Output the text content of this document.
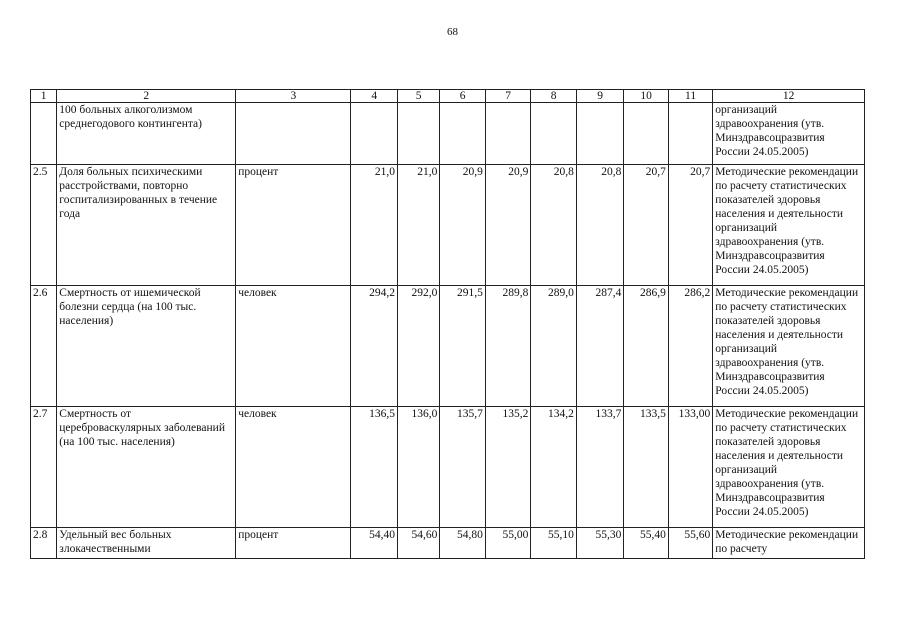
68
1	2	3	4	5	6	7	8	9	10	11	12
	100 больных алкоголизмом среднегодового контингента)										организаций здравоохранения (утв. Минздравсоцразвития России 24.05.2005)
2.5	Доля больных психическими расстройствами, повторно госпитализированных в течение года	процент	21,0	21,0	20,9	20,9	20,8	20,8	20,7	20,7	Методические рекомендации по расчету статистических показателей здоровья населения и деятельности организаций здравоохранения (утв. Минздравсоцразвития России 24.05.2005)
2.6	Смертность от ишемической болезни сердца (на 100 тыс. населения)	человек	294,2	292,0	291,5	289,8	289,0	287,4	286,9	286,2	Методические рекомендации по расчету статистических показателей здоровья населения и деятельности организаций здравоохранения (утв. Минздравсоцразвития России 24.05.2005)
2.7	Смертность от цереброваскулярных заболеваний (на 100 тыс. населения)	человек	136,5	136,0	135,7	135,2	134,2	133,7	133,5	133,00	Методические рекомендации по расчету статистических показателей здоровья населения и деятельности организаций здравоохранения (утв. Минздравсоцразвития России 24.05.2005)
2.8	Удельный вес больных злокачественными	процент	54,40	54,60	54,80	55,00	55,10	55,30	55,40	55,60	Методические рекомендации по расчету
